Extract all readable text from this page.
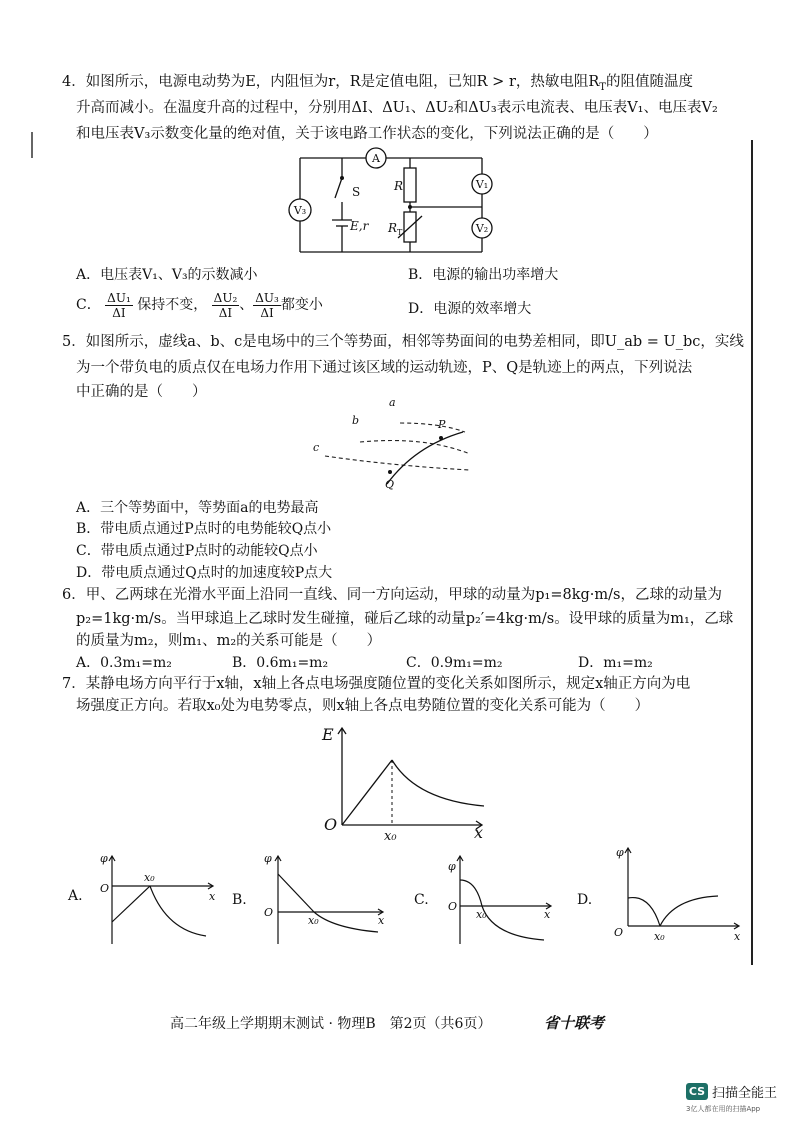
4．如图所示，电源电动势为E，内阻恒为r，R是定值电阻，已知R > r，热敏电阻$R_T$的阻值随温度
升高而减小。在温度升高的过程中，分别用ΔI、ΔU₁、ΔU₂和ΔU₃表示电流表、电压表V₁、电压表V₂
和电压表V₃示数变化量的绝对值，关于该电路工作状态的变化，下列说法正确的是（　　）
A
V₃
V₁
V₂
S	R
$R_T$
E,r
A．电压表V₁、V₃的示数减小	B．电源的输出功率增大
C． $\frac{\text{ΔU₁}}{\Delta I}$ 保持不变， $\frac{\text{ΔU₂}}{\Delta I}$ 、 $\frac{\text{ΔU₃}}{\Delta I}$ 都变小	D．电源的效率增大
5．如图所示，虚线a、b、c是电场中的三个等势面，相邻等势面间的电势差相同，即U_ab = U_bc，实线
为一个带负电的质点仅在电场力作用下通过该区域的运动轨迹，P、Q是轨迹上的两点，下列说法
中正确的是（　　）
a
b
c
P
Q
A．三个等势面中，等势面a的电势最高
B．带电质点通过P点时的电势能较Q点小
C．带电质点通过P点时的动能较Q点小
D．带电质点通过Q点时的加速度较P点大
6．甲、乙两球在光滑水平面上沿同一直线、同一方向运动，甲球的动量为p₁=8kg·m/s，乙球的动量为
p₂=1kg·m/s。当甲球追上乙球时发生碰撞，碰后乙球的动量p₂′=4kg·m/s。设甲球的质量为m₁，乙球
的质量为m₂，则m₁、m₂的关系可能是（　　）
A．0.3m₁=m₂	B．0.6m₁=m₂	C．0.9m₁=m₂	D．m₁=m₂
7．某静电场方向平行于x轴，x轴上各点电场强度随位置的变化关系如图所示，规定x轴正方向为电
场强度正方向。若取x₀处为电势零点，则x轴上各点电势随位置的变化关系可能为（　　）
E
O
x₀	x
A.
φ
O
x₀
x B.
φ
O
x₀	x
C.
φ
O
x₀	x
D.
φ
O	x₀	x
高二年级上学期期末测试 · 物理B　第2页（共6页）	省十联考
CS 扫描全能王
3亿人都在用的扫描App
